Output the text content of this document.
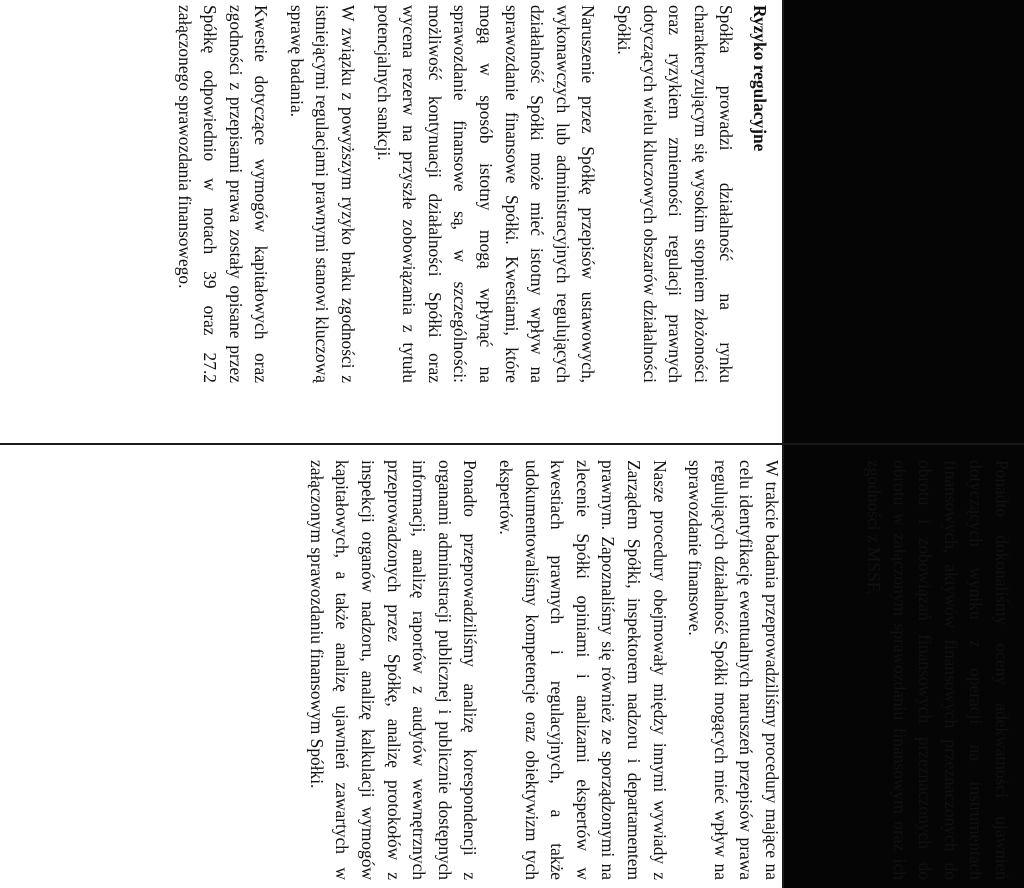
Ponadto dokonaliśmy oceny adekwatności ujawnień dotyczących wyniku z operacji na instrumentach finansowych, aktywów finansowych przeznaczonych do obrotu i zobowiązań finansowych przeznaczonych do obrotu w załączonym sprawozdaniu finansowym oraz ich zgodności z MSSF.

Ryzyko regulacyjne

Spółka prowadzi działalność na rynku charakteryzującym się wysokim stopniem złożoności oraz ryzykiem zmienności regulacji prawnych dotyczących wielu kluczowych obszarów działalności Spółki.

Naruszenie przez Spółkę przepisów ustawowych, wykonawczych lub administracyjnych regulujących działalność Spółki może mieć istotny wpływ na sprawozdanie finansowe Spółki. Kwestiami, które mogą w sposób istotny mogą wpłynąć na sprawozdanie finansowe są, w szczególności: możliwość kontynuacji działalności Spółki oraz wycena rezerw na przyszłe zobowiązania z tytułu potencjalnych sankcji.

W związku z powyższym ryzyko braku zgodności z istniejącymi regulacjami prawnymi stanowi kluczową sprawę badania.

Kwestie dotyczące wymogów kapitałowych oraz zgodności z przepisami prawa zostały opisane przez Spółkę odpowiednio w notach 39 oraz 27.2 załączonego sprawozdania finansowego.

W trakcie badania przeprowadziliśmy procedury mające na celu identyfikację ewentualnych naruszeń przepisów prawa regulujących działalność Spółki mogących mieć wpływ na sprawozdanie finansowe.

Nasze procedury obejmowały między innymi wywiady z Zarządem Spółki, inspektorem nadzoru i departamentem prawnym. Zapoznaliśmy się również ze sporządzonymi na zlecenie Spółki opiniami i analizami ekspertów w kwestiach prawnych i regulacyjnych, a także udokumentowaliśmy kompetencje oraz obiektywizm tych ekspertów.

Ponadto przeprowadziliśmy analizę korespondencji z organami administracji publicznej i publicznie dostępnych informacji, analizę raportów z audytów wewnętrznych przeprowadzonych przez Spółkę, analizę protokołów z inspekcji organów nadzoru, analizę kalkulacji wymogów kapitałowych, a także analizę ujawnień zawartych w załączonym sprawozdaniu finansowym Spółki.
